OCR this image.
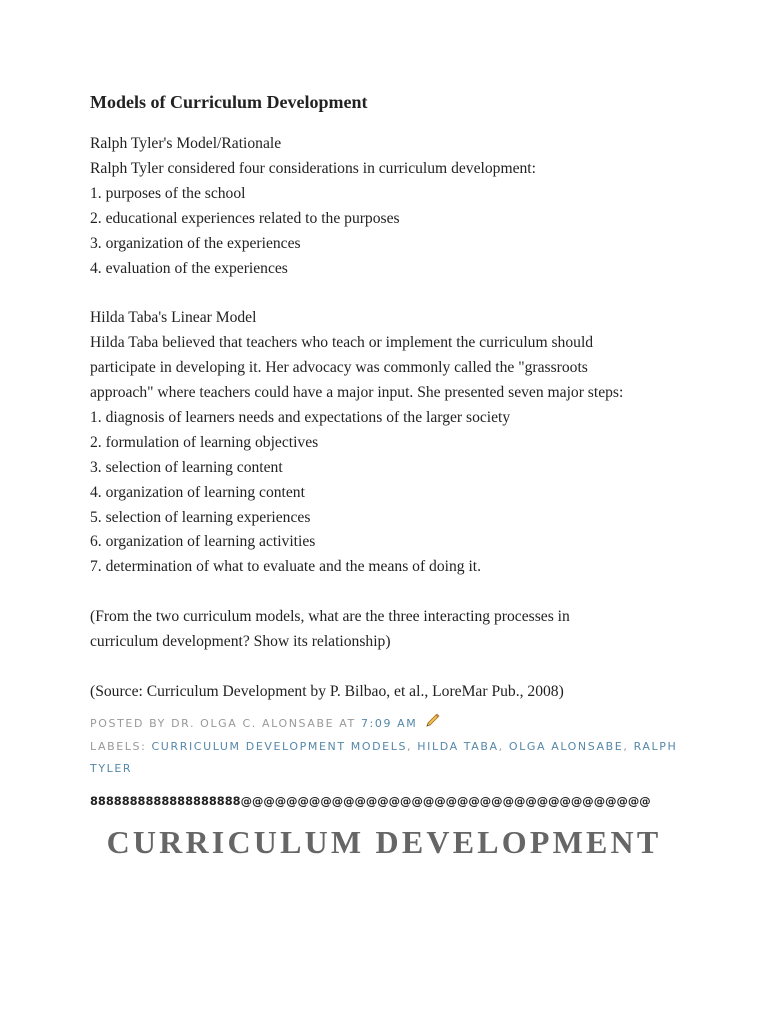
Models of Curriculum Development
Ralph Tyler's Model/Rationale
Ralph Tyler considered four considerations in curriculum development:
1. purposes of the school
2. educational experiences related to the purposes
3. organization of the experiences
4. evaluation of the experiences
Hilda Taba's Linear Model
Hilda Taba believed that teachers who teach or implement the curriculum should
participate in developing it. Her advocacy was commonly called the "grassroots
approach" where teachers could have a major input. She presented seven major steps:
1. diagnosis of learners needs and expectations of the larger society
2. formulation of learning objectives
3. selection of learning content
4. organization of learning content
5. selection of learning experiences
6. organization of learning activities
7. determination of what to evaluate and the means of doing it.
(From the two curriculum models, what are the three interacting processes in
curriculum development? Show its relationship)
(Source: Curriculum Development by P. Bilbao, et al., LoreMar Pub., 2008)
POSTED BY DR. OLGA C. ALONSABE AT 7:09 AM
LABELS: CURRICULUM DEVELOPMENT MODELS, HILDA TABA, OLGA ALONSABE, RALPH TYLER
8888888888888888888@@@@@@@@@@@@@@@@@@@@@@@@@@@@@@@@@@@@
CURRICULUM DEVELOPMENT
